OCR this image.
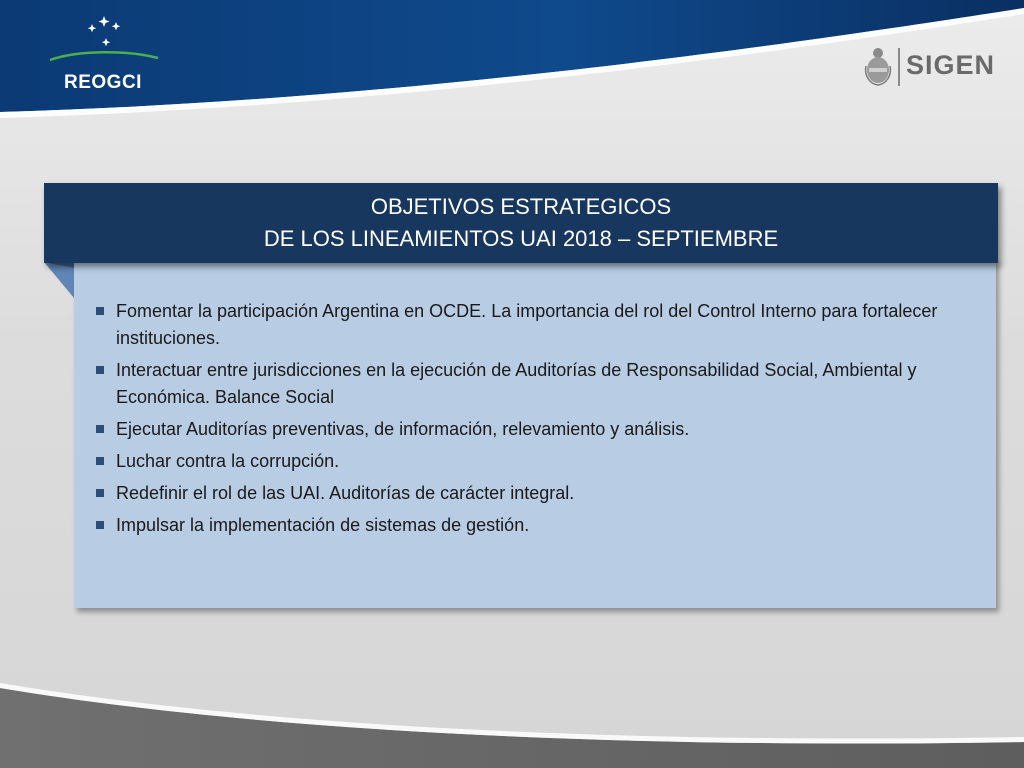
REOGCI
SIGEN
OBJETIVOS ESTRATEGICOS
DE LOS LINEAMIENTOS UAI 2018 – SEPTIEMBRE
Fomentar la participación Argentina en OCDE. La importancia del rol del Control Interno para fortalecer instituciones.
Interactuar entre jurisdicciones en la ejecución de Auditorías de Responsabilidad Social, Ambiental y Económica. Balance Social
Ejecutar Auditorías preventivas, de información, relevamiento y análisis.
Luchar contra la corrupción.
Redefinir el rol de las UAI. Auditorías de carácter integral.
Impulsar la implementación de sistemas de gestión.
